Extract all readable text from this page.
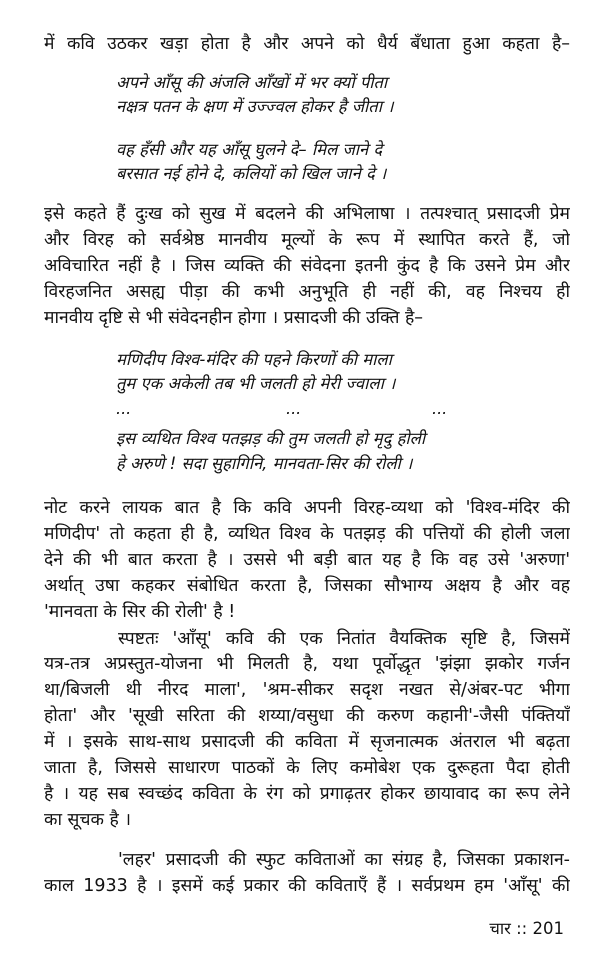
में कवि उठकर खड़ा होता है और अपने को धैर्य बँधाता हुआ कहता है–
अपने आँसू की अंजलि आँखों में भर क्यों पीता
नक्षत्र पतन के क्षण में उज्ज्वल होकर है जीता ।
वह हँसी और यह आँसू घुलने दे– मिल जाने दे
बरसात नई होने दे, कलियों को खिल जाने दे ।
इसे कहते हैं दुःख को सुख में बदलने की अभिलाषा । तत्पश्चात् प्रसादजी प्रेम
और विरह को सर्वश्रेष्ठ मानवीय मूल्यों के रूप में स्थापित करते हैं, जो
अविचारित नहीं है । जिस व्यक्ति की संवेदना इतनी कुंद है कि उसने प्रेम और
विरहजनित असह्य पीड़ा की कभी अनुभूति ही नहीं की, वह निश्चय ही
मानवीय दृष्टि से भी संवेदनहीन होगा । प्रसादजी की उक्ति है–
मणिदीप विश्व-मंदिर की पहने किरणों की माला
तुम एक अकेली तब भी जलती हो मेरी ज्वाला ।
...	...	...
इस व्यथित विश्व पतझड़ की तुम जलती हो मृदु होली
हे अरुणे ! सदा सुहागिनि, मानवता-सिर की रोली ।
नोट करने लायक बात है कि कवि अपनी विरह-व्यथा को 'विश्व-मंदिर की
मणिदीप' तो कहता ही है, व्यथित विश्व के पतझड़ की पत्तियों की होली जला
देने की भी बात करता है । उससे भी बड़ी बात यह है कि वह उसे 'अरुणा'
अर्थात् उषा कहकर संबोधित करता है, जिसका सौभाग्य अक्षय है और वह
'मानवता के सिर की रोली' है !
स्पष्टतः 'आँसू' कवि की एक नितांत वैयक्तिक सृष्टि है, जिसमें
यत्र-तत्र अप्रस्तुत-योजना भी मिलती है, यथा पूर्वोद्धृत 'झंझा झकोर गर्जन
था/बिजली थी नीरद माला', 'श्रम-सीकर सदृश नखत से/अंबर-पट भीगा
होता' और 'सूखी सरिता की शय्या/वसुधा की करुण कहानी'-जैसी पंक्तियाँ
में । इसके साथ-साथ प्रसादजी की कविता में सृजनात्मक अंतराल भी बढ़ता
जाता है, जिससे साधारण पाठकों के लिए कमोबेश एक दुरूहता पैदा होती
है । यह सब स्वच्छंद कविता के रंग को प्रगाढ़तर होकर छायावाद का रूप लेने
का सूचक है ।
'लहर' प्रसादजी की स्फुट कविताओं का संग्रह है, जिसका प्रकाशन-
काल 1933 है । इसमें कई प्रकार की कविताएँ हैं । सर्वप्रथम हम 'आँसू' की
चार :: 201
